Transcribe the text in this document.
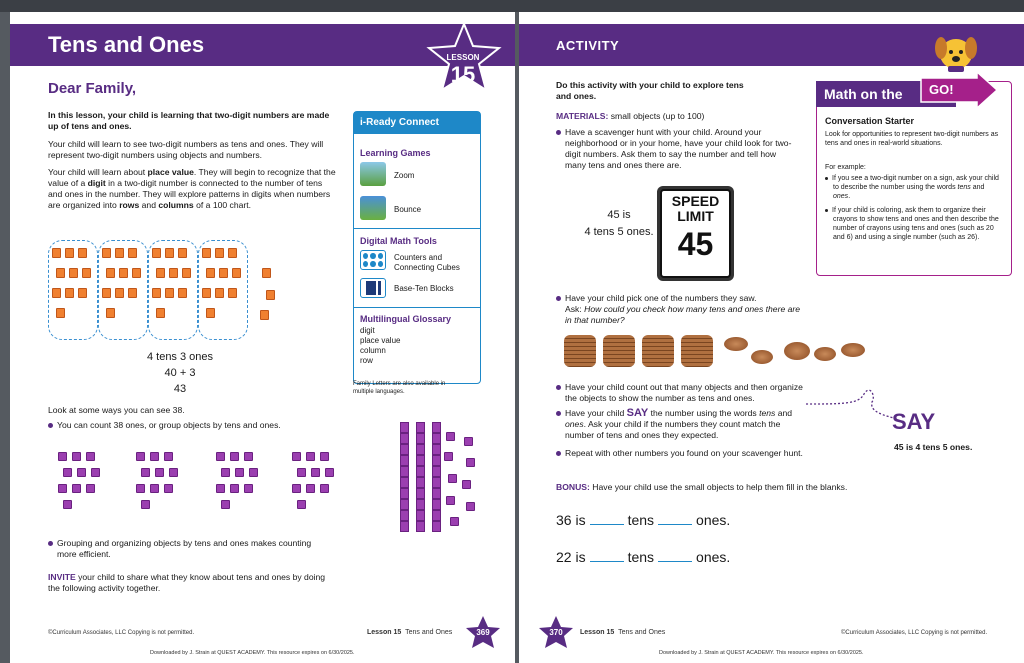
Tens and Ones
LESSON
15
Dear Family,
In this lesson, your child is learning that two-digit numbers are made up of tens and ones.
Your child will learn to see two-digit numbers as tens and ones. They will represent two-digit numbers using objects and numbers.
Your child will learn about place value. They will begin to recognize that the value of a digit in a two-digit number is connected to the number of tens and ones in the number. They will explore patterns in digits when numbers are organized into rows and columns of a 100 chart.
4 tens 3 ones
40 + 3
43
Look at some ways you can see 38.
You can count 38 ones, or group objects by tens and ones.
Grouping and organizing objects by tens and ones makes counting more efficient.
INVITE your child to share what they know about tens and ones by doing the following activity together.
i-Ready Connect
Learning Games
Zoom
Bounce
Digital Math Tools
Counters and Connecting Cubes
Base-Ten Blocks
Multilingual Glossary
digit
place value
column
row
Family Letters are also available in multiple languages.
©Curriculum Associates, LLC Copying is not permitted.	Lesson 15 Tens and Ones	369
Downloaded by J. Strain at QUEST ACADEMY. This resource expires on 6/30/2025.
ACTIVITY
Do this activity with your child to explore tens and ones.
MATERIALS: small objects (up to 100)
Have a scavenger hunt with your child. Around your neighborhood or in your home, have your child look for two-digit numbers. Ask them to say the number and tell how many tens and ones there are.
45 is
4 tens 5 ones.
SPEED
LIMIT
45
Have your child pick one of the numbers they saw.
Ask: How could you check how many tens and ones there are in that number?
Have your child count out that many objects and then organize the objects to show the number as tens and ones.
Have your child SAY the number using the words tens and ones. Ask your child if the numbers they count match the number of tens and ones they expected.
Repeat with other numbers you found on your scavenger hunt.
SAY
45 is 4 tens 5 ones.
BONUS: Have your child use the small objects to help them fill in the blanks.
36 is	tens	ones.
22 is	tens	ones.
Math on the	GO!
Conversation Starter
Look for opportunities to represent two-digit numbers as tens and ones in real-world situations.
For example:
If you see a two-digit number on a sign, ask your child to describe the number using the words tens and ones.
If your child is coloring, ask them to organize their crayons to show tens and ones and then describe the number of crayons using tens and ones (such as 20 and 6) and using a single number (such as 26).
370	Lesson 15 Tens and Ones	©Curriculum Associates, LLC Copying is not permitted.
Downloaded by J. Strain at QUEST ACADEMY. This resource expires on 6/30/2025.
